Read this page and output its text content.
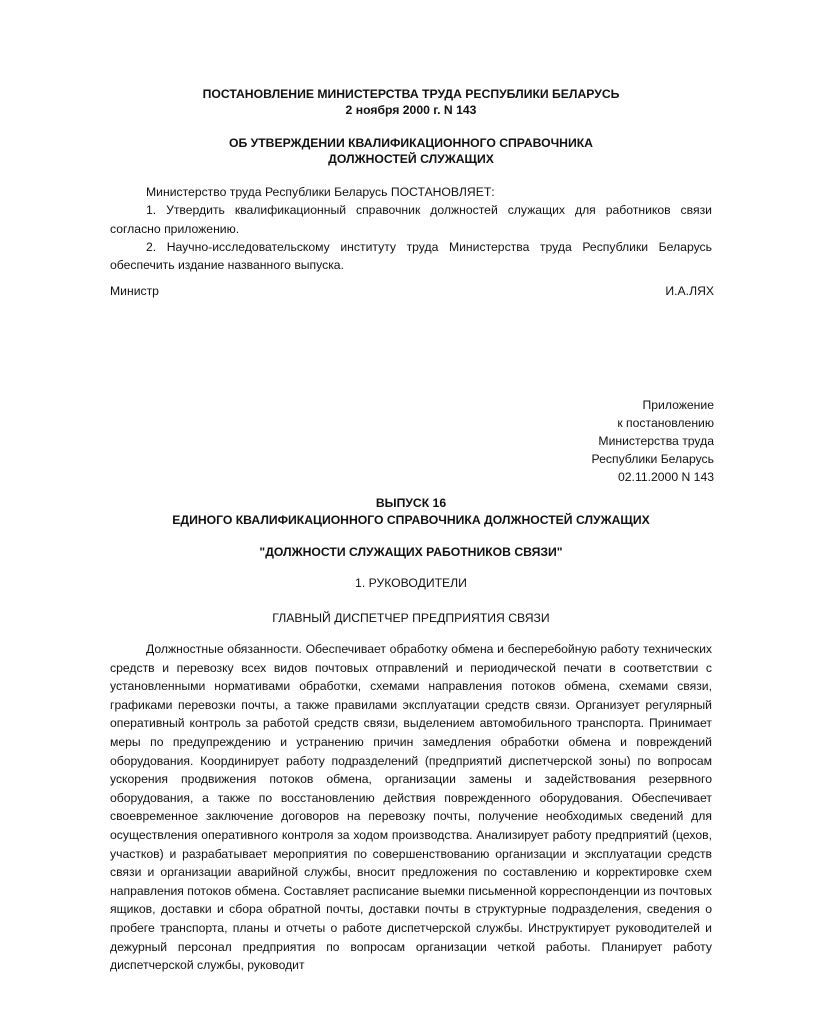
ПОСТАНОВЛЕНИЕ МИНИСТЕРСТВА ТРУДА РЕСПУБЛИКИ БЕЛАРУСЬ
2 ноября 2000 г. N 143
ОБ УТВЕРЖДЕНИИ КВАЛИФИКАЦИОННОГО СПРАВОЧНИКА
ДОЛЖНОСТЕЙ СЛУЖАЩИХ

Министерство труда Республики Беларусь ПОСТАНОВЛЯЕТ:

1. Утвердить квалификационный справочник должностей служащих для работников связи согласно приложению.

2. Научно-исследовательскому институту труда Министерства труда Республики Беларусь обеспечить издание названного выпуска.

Министр	И.А.ЛЯХ
Приложение
к постановлению
Министерства труда
Республики Беларусь
02.11.2000 N 143
ВЫПУСК 16
ЕДИНОГО КВАЛИФИКАЦИОННОГО СПРАВОЧНИКА ДОЛЖНОСТЕЙ СЛУЖАЩИХ
"ДОЛЖНОСТИ СЛУЖАЩИХ РАБОТНИКОВ СВЯЗИ"
1. РУКОВОДИТЕЛИ
ГЛАВНЫЙ ДИСПЕТЧЕР ПРЕДПРИЯТИЯ СВЯЗИ

Должностные обязанности. Обеспечивает обработку обмена и бесперебойную работу технических средств и перевозку всех видов почтовых отправлений и периодической печати в соответствии с установленными нормативами обработки, схемами направления потоков обмена, схемами связи, графиками перевозки почты, а также правилами эксплуатации средств связи. Организует регулярный оперативный контроль за работой средств связи, выделением автомобильного транспорта. Принимает меры по предупреждению и устранению причин замедления обработки обмена и повреждений оборудования. Координирует работу подразделений (предприятий диспетчерской зоны) по вопросам ускорения продвижения потоков обмена, организации замены и задействования резервного оборудования, а также по восстановлению действия поврежденного оборудования. Обеспечивает своевременное заключение договоров на перевозку почты, получение необходимых сведений для осуществления оперативного контроля за ходом производства. Анализирует работу предприятий (цехов, участков) и разрабатывает мероприятия по совершенствованию организации и эксплуатации средств связи и организации аварийной службы, вносит предложения по составлению и корректировке схем направления потоков обмена. Составляет расписание выемки письменной корреспонденции из почтовых ящиков, доставки и сбора обратной почты, доставки почты в структурные подразделения, сведения о пробеге транспорта, планы и отчеты о работе диспетчерской службы. Инструктирует руководителей и дежурный персонал предприятия по вопросам организации четкой работы. Планирует работу диспетчерской службы, руководит
